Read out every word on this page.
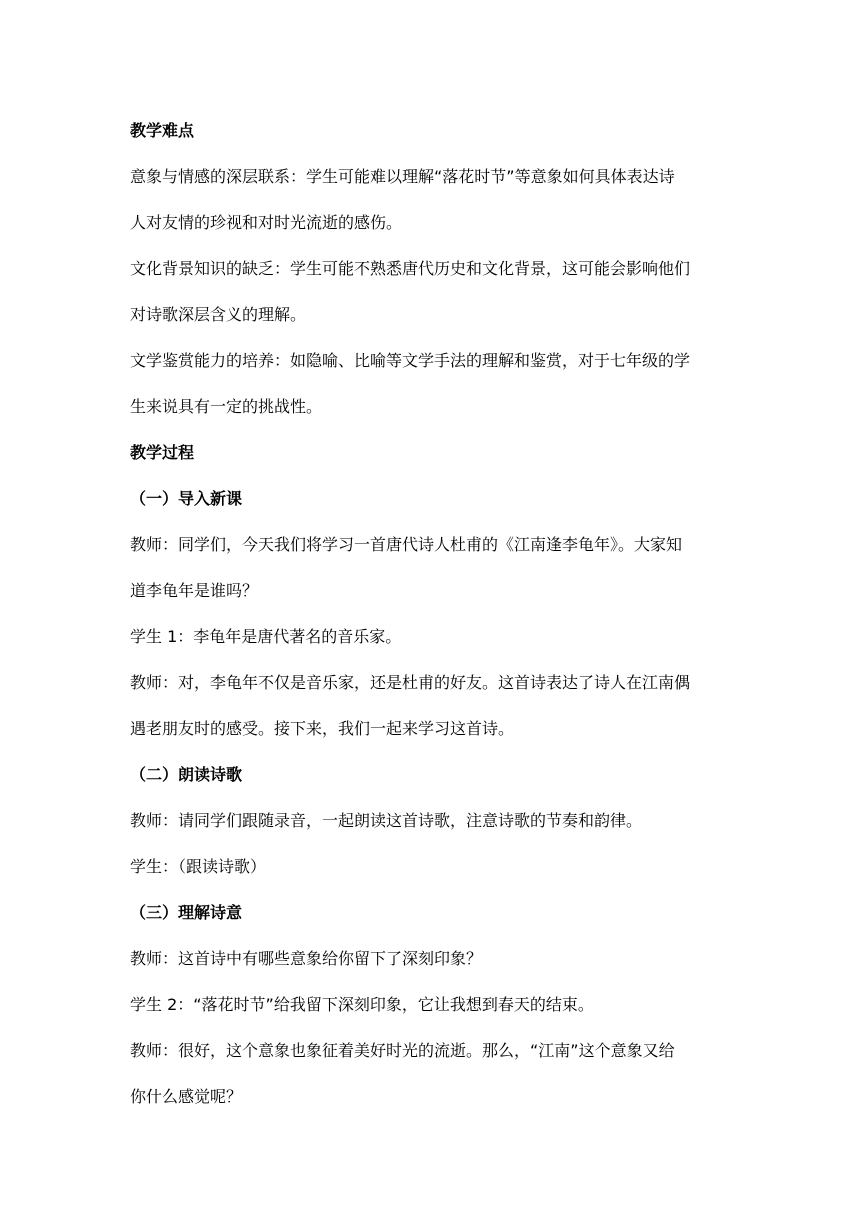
教学难点

意象与情感的深层联系：学生可能难以理解“落花时节”等意象如何具体表达诗
人对友情的珍视和对时光流逝的感伤。

文化背景知识的缺乏：学生可能不熟悉唐代历史和文化背景，这可能会影响他们
对诗歌深层含义的理解。

文学鉴赏能力的培养：如隐喻、比喻等文学手法的理解和鉴赏，对于七年级的学
生来说具有一定的挑战性。

教学过程

（一）导入新课

教师：同学们，今天我们将学习一首唐代诗人杜甫的《江南逢李龟年》。大家知
道李龟年是谁吗？

学生 1：李龟年是唐代著名的音乐家。

教师：对，李龟年不仅是音乐家，还是杜甫的好友。这首诗表达了诗人在江南偶
遇老朋友时的感受。接下来，我们一起来学习这首诗。

（二）朗读诗歌

教师：请同学们跟随录音，一起朗读这首诗歌，注意诗歌的节奏和韵律。

学生：（跟读诗歌）

（三）理解诗意

教师：这首诗中有哪些意象给你留下了深刻印象？

学生 2：“落花时节”给我留下深刻印象，它让我想到春天的结束。

教师：很好，这个意象也象征着美好时光的流逝。那么，“江南”这个意象又给
你什么感觉呢？
